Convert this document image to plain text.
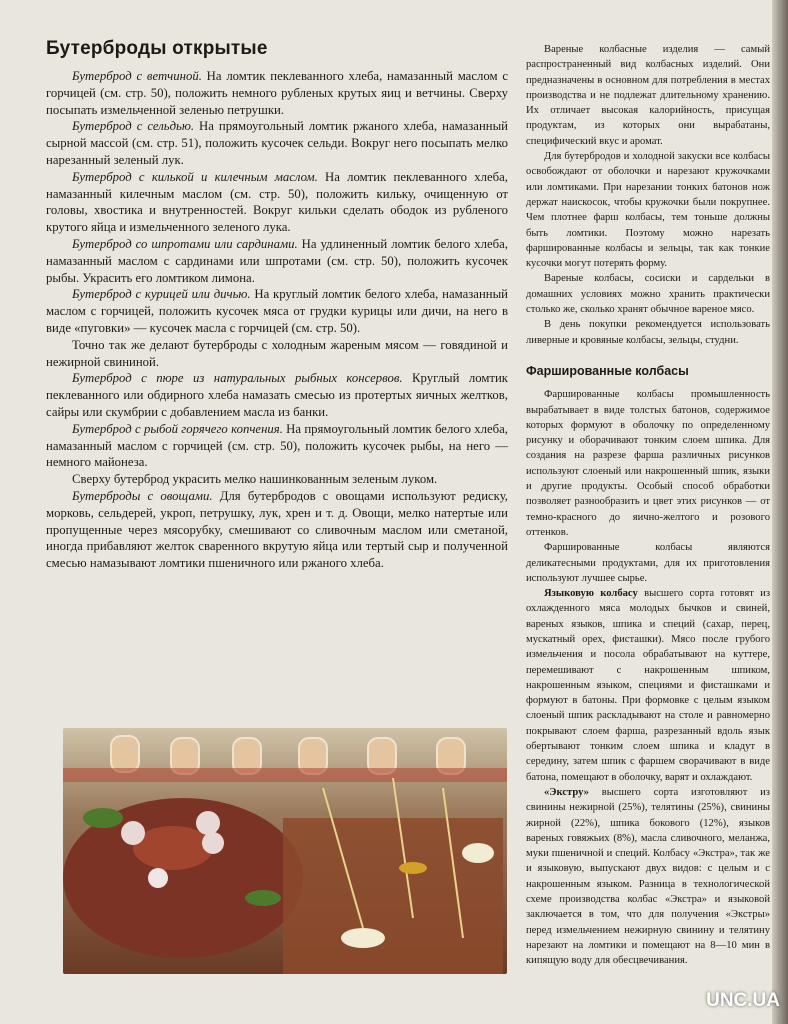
Бутерброды открытые

Бутерброд с ветчиной. На ломтик пеклеванного хлеба, намазанный маслом с горчицей (см. стр. 50), положить немного рубленых крутых яиц и ветчины. Сверху посыпать измельченной зеленью петрушки.

Бутерброд с сельдью. На прямоугольный ломтик ржаного хлеба, намазанный сырной массой (см. стр. 51), положить кусочек сельди. Вокруг него посыпать мелко нарезанный зеленый лук.

Бутерброд с килькой и килечным маслом. На ломтик пеклеванного хлеба, намазанный килечным маслом (см. стр. 50), положить кильку, очищенную от головы, хвостика и внутренностей. Вокруг кильки сделать ободок из рубленого крутого яйца и измельченного зеленого лука.

Бутерброд со шпротами или сардинами. На удлиненный ломтик белого хлеба, намазанный маслом с сардинами или шпротами (см. стр. 50), положить кусочек рыбы. Украсить его ломтиком лимона.

Бутерброд с курицей или дичью. На круглый ломтик белого хлеба, намазанный маслом с горчицей, положить кусочек мяса от грудки курицы или дичи, на него в виде «пуговки» — кусочек масла с горчицей (см. стр. 50).

Точно так же делают бутерброды с холодным жареным мясом — говядиной и нежирной свининой.

Бутерброд с пюре из натуральных рыбных консервов. Круглый ломтик пеклеванного или обдирного хлеба намазать смесью из протертых яичных желтков, сайры или скумбрии с добавлением масла из банки.

Бутерброд с рыбой горячего копчения. На прямоугольный ломтик белого хлеба, намазанный маслом с горчицей (см. стр. 50), положить кусочек рыбы, на него — немного майонеза.

Сверху бутерброд украсить мелко нашинкованным зеленым луком.

Бутерброды с овощами. Для бутербродов с овощами используют редиску, морковь, сельдерей, укроп, петрушку, лук, хрен и т. д. Овощи, мелко натертые или пропущенные через мясорубку, смешивают со сливочным маслом или сметаной, иногда прибавляют желток сваренного вкрутую яйца или тертый сыр и полученной смесью намазывают ломтики пшеничного или ржаного хлеба.

Вареные колбасные изделия — самый распространенный вид колбасных изделий. Они предназначены в основном для потребления в местах производства и не подлежат длительному хранению. Их отличает высокая калорийность, присущая продуктам, из которых они вырабатаны, специфический вкус и аромат.

Для бутербродов и холодной закуски все колбасы освобождают от оболочки и нарезают кружочками или ломтиками. При нарезании тонких батонов нож держат наискосок, чтобы кружочки были покрупнее. Чем плотнее фарш колбасы, тем тоньше должны быть ломтики. Поэтому можно нарезать фаршированные колбасы и зельцы, так как тонкие кусочки могут потерять форму.

Вареные колбасы, сосиски и сардельки в домашних условиях можно хранить практически столько же, сколько хранят обычное вареное мясо.

В день покупки рекомендуется использовать ливерные и кровяные колбасы, зельцы, студни.

Фаршированные колбасы

Фаршированные колбасы промышленность вырабатывает в виде толстых батонов, содержимое которых формуют в оболочку по определенному рисунку и оборачивают тонким слоем шпика. Для создания на разрезе фарша различных рисунков используют слоеный или накрошенный шпик, языки и другие продукты. Особый способ обработки позволяет разнообразить и цвет этих рисунков — от темно-красного до яично-желтого и розового оттенков.

Фаршированные колбасы являются деликатесными продуктами, для их приготовления используют лучшее сырье.

Языковую колбасу высшего сорта готовят из охлажденного мяса молодых бычков и свиней, вареных языков, шпика и специй (сахар, перец, мускатный орех, фисташки). Мясо после грубого измельчения и посола обрабатывают на куттере, перемешивают с накрошенным шпиком, накрошенным языком, специями и фисташками и формуют в батоны. При формовке с целым языком слоеный шпик раскладывают на столе и равномерно покрывают слоем фарша, разрезанный вдоль язык обертывают тонким слоем шпика и кладут в середину, затем шпик с фаршем сворачивают в виде батона, помещают в оболочку, варят и охлаждают.

«Экстру» высшего сорта изготовляют из свинины нежирной (25%), телятины (25%), свинины жирной (22%), шпика бокового (12%), языков вареных говяжьих (8%), масла сливочного, меланжа, муки пшеничной и специй. Колбасу «Экстра», так же и языковую, выпускают двух видов: с целым и с накрошенным языком. Разница в технологической схеме производства колбас «Экстра» и языковой заключается в том, что для получения «Экстры» перед измельчением нежирную свинину и телятину нарезают на ломтики и помещают на 8—10 мин в кипящую воду для обесцвечивания.

UNC.UA
